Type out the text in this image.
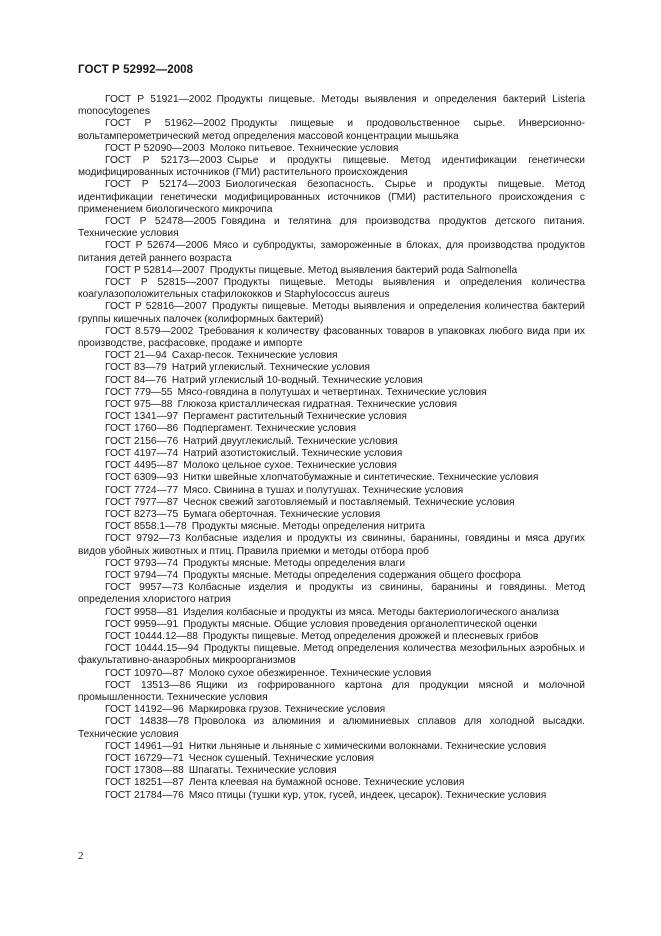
ГОСТ Р 52992—2008

ГОСТ Р 51921—2002  Продукты пищевые. Методы выявления и определения бактерий Listeria monocytogenes

ГОСТ Р 51962—2002  Продукты пищевые и продовольственное сырье. Инверсионно-вольтамперометрический метод определения массовой концентрации мышьяка

ГОСТ Р 52090—2003  Молоко питьевое. Технические условия

ГОСТ Р 52173—2003  Сырье и продукты пищевые. Метод идентификации генетически модифицированных источников (ГМИ) растительного происхождения

ГОСТ Р 52174—2003  Биологическая безопасность. Сырье и продукты пищевые. Метод идентификации генетически модифицированных источников (ГМИ) растительного происхождения с применением биологического микрочипа

ГОСТ Р 52478—2005  Говядина и телятина для производства продуктов детского питания. Технические условия

ГОСТ Р 52674—2006  Мясо и субпродукты, замороженные в блоках, для производства продуктов питания детей раннего возраста

ГОСТ Р 52814—2007  Продукты пищевые. Метод выявления бактерий рода Salmonella

ГОСТ Р 52815—2007  Продукты пищевые. Методы выявления и определения количества коагулазоположительных стафилококков и Staphylococcus aureus

ГОСТ Р 52816—2007  Продукты пищевые. Методы выявления и определения количества бактерий группы кишечных палочек (колиформных бактерий)

ГОСТ 8.579—2002  Требования к количеству фасованных товаров в упаковках любого вида при их производстве, расфасовке, продаже и импорте

ГОСТ 21—94  Сахар-песок. Технические условия

ГОСТ 83—79  Натрий углекислый. Технические условия

ГОСТ 84—76  Натрий углекислый 10-водный. Технические условия

ГОСТ 779—55  Мясо-говядина в полутушах и четвертинах. Технические условия

ГОСТ 975—88  Глюкоза кристаллическая гидратная. Технические условия

ГОСТ 1341—97  Пергамент растительный Технические условия

ГОСТ 1760—86  Подпергамент. Технические условия

ГОСТ 2156—76  Натрий двууглекислый. Технические условия

ГОСТ 4197—74  Натрий азотистокислый. Технические условия

ГОСТ 4495—87  Молоко цельное сухое. Технические условия

ГОСТ 6309—93  Нитки швейные хлопчатобумажные и синтетические. Технические условия

ГОСТ 7724—77  Мясо. Свинина в тушах и полутушах. Технические условия

ГОСТ 7977—87  Чеснок свежий заготовляемый и поставляемый. Технические условия

ГОСТ 8273—75  Бумага оберточная. Технические условия

ГОСТ 8558.1—78  Продукты мясные. Методы определения нитрита

ГОСТ 9792—73  Колбасные изделия и продукты из свинины, баранины, говядины и мяса других видов убойных животных и птиц. Правила приемки и методы отбора проб

ГОСТ 9793—74  Продукты мясные. Методы определения влаги

ГОСТ 9794—74  Продукты мясные. Методы определения содержания общего фосфора

ГОСТ 9957—73  Колбасные изделия и продукты из свинины, баранины и говядины. Метод определения хлористого натрия

ГОСТ 9958—81  Изделия колбасные и продукты из мяса. Методы бактериологического анализа

ГОСТ 9959—91  Продукты мясные. Общие условия проведения органолептической оценки

ГОСТ 10444.12—88  Продукты пищевые. Метод определения дрожжей и плесневых грибов

ГОСТ 10444.15—94  Продукты пищевые. Метод определения количества мезофильных аэробных и факультативно-анаэробных микроорганизмов

ГОСТ 10970—87  Молоко сухое обезжиренное. Технические условия

ГОСТ 13513—86  Ящики из гофрированного картона для продукции мясной и молочной промышленности. Технические условия

ГОСТ 14192—96  Маркировка грузов. Технические условия

ГОСТ 14838—78  Проволока из алюминия и алюминиевых сплавов для холодной высадки. Технические условия

ГОСТ 14961—91  Нитки льняные и льняные с химическими волокнами. Технические условия

ГОСТ 16729—71  Чеснок сушеный. Технические условия

ГОСТ 17308—88  Шпагаты. Технические условия

ГОСТ 18251—87  Лента клеевая на бумажной основе. Технические условия

ГОСТ 21784—76  Мясо птицы (тушки кур, уток, гусей, индеек, цесарок). Технические условия

2
